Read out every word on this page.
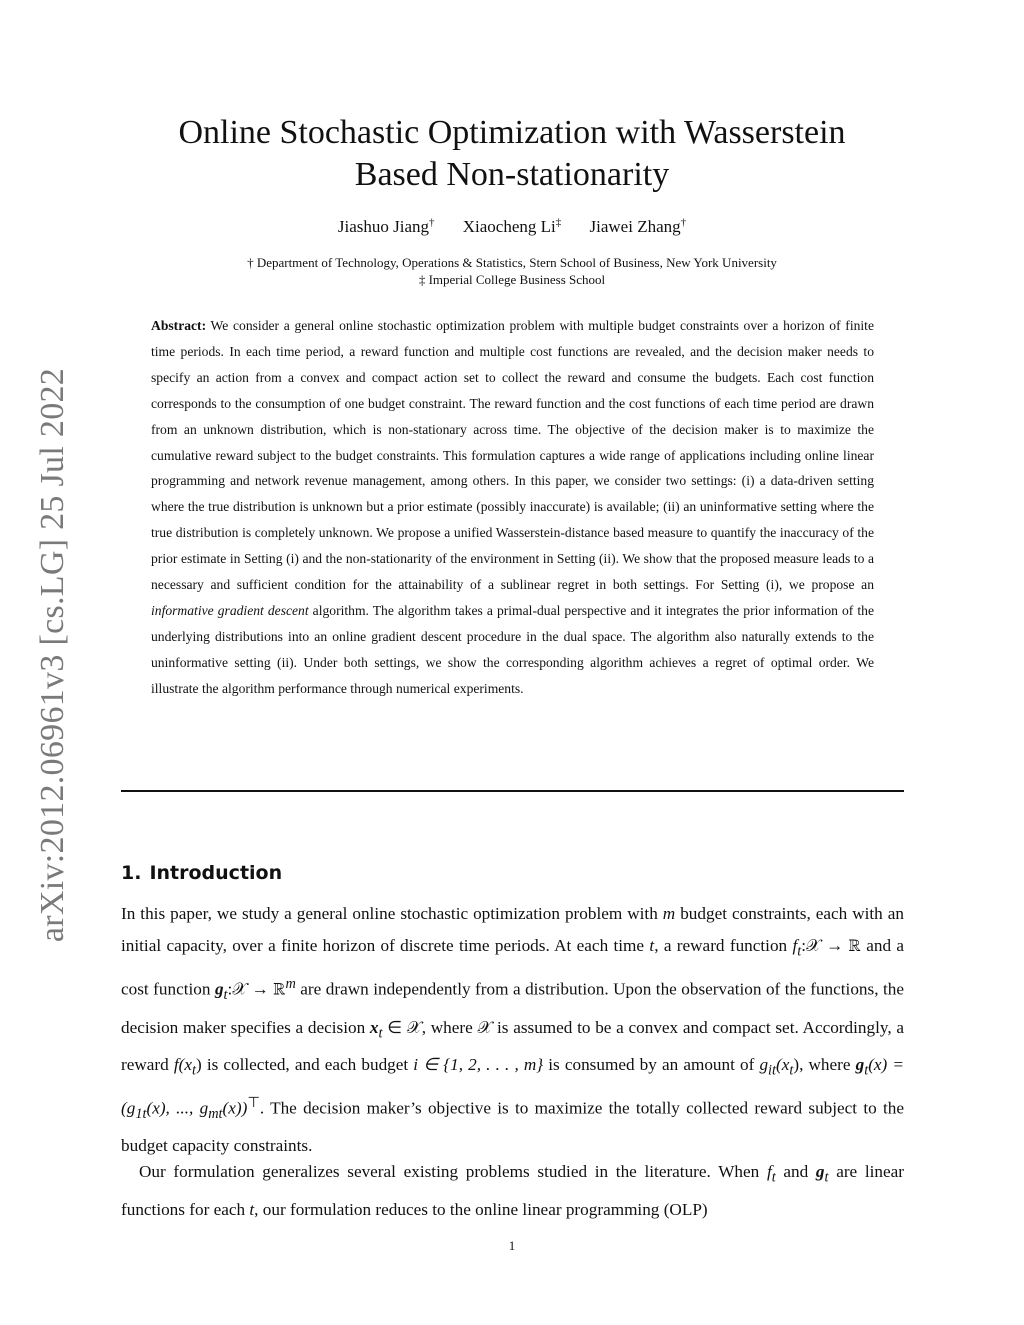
arXiv:2012.06961v3 [cs.LG] 25 Jul 2022
Online Stochastic Optimization with Wasserstein
Based Non-stationarity
Jiashuo Jiang† Xiaocheng Li‡ Jiawei Zhang†
† Department of Technology, Operations & Statistics, Stern School of Business, New York University
‡ Imperial College Business School

Abstract: We consider a general online stochastic optimization problem with multiple budget constraints over a horizon of finite time periods. In each time period, a reward function and multiple cost functions are revealed, and the decision maker needs to specify an action from a convex and compact action set to collect the reward and consume the budgets. Each cost function corresponds to the consumption of one budget constraint. The reward function and the cost functions of each time period are drawn from an unknown distribution, which is non-stationary across time. The objective of the decision maker is to maximize the cumulative reward subject to the budget constraints. This formulation captures a wide range of applications including online linear programming and network revenue management, among others. In this paper, we consider two settings: (i) a data-driven setting where the true distribution is unknown but a prior estimate (possibly inaccurate) is available; (ii) an uninformative setting where the true distribution is completely unknown. We propose a unified Wasserstein-distance based measure to quantify the inaccuracy of the prior estimate in Setting (i) and the non-stationarity of the environment in Setting (ii). We show that the proposed measure leads to a necessary and sufficient condition for the attainability of a sublinear regret in both settings. For Setting (i), we propose an informative gradient descent algorithm. The algorithm takes a primal-dual perspective and it integrates the prior information of the underlying distributions into an online gradient descent procedure in the dual space. The algorithm also naturally extends to the uninformative setting (ii). Under both settings, we show the corresponding algorithm achieves a regret of optimal order. We illustrate the algorithm performance through numerical experiments.

1. Introduction

In this paper, we study a general online stochastic optimization problem with m budget constraints, each with an initial capacity, over a finite horizon of discrete time periods. At each time t, a reward function $f_t:𝒳$ → ℝ and a cost function $g_t:𝒳$ → ℝ$^m$ are drawn independently from a distribution. Upon the observation of the functions, the decision maker specifies a decision $x_t$ ∈ 𝒳, where 𝒳 is assumed to be a convex and compact set. Accordingly, a reward $f(x_t)$ is collected, and each budget i ∈ {1, 2, . . . , m} is consumed by an amount of $g_{it}(x_t)$, where $g_t(x) = (g_{1t}(x)$, ..., $g_{mt}(x))^⊤$. The decision maker’s objective is to maximize the totally collected reward subject to the budget capacity constraints.

Our formulation generalizes several existing problems studied in the literature. When $f_t$ and $g_t$ are linear functions for each t, our formulation reduces to the online linear programming (OLP)

1
